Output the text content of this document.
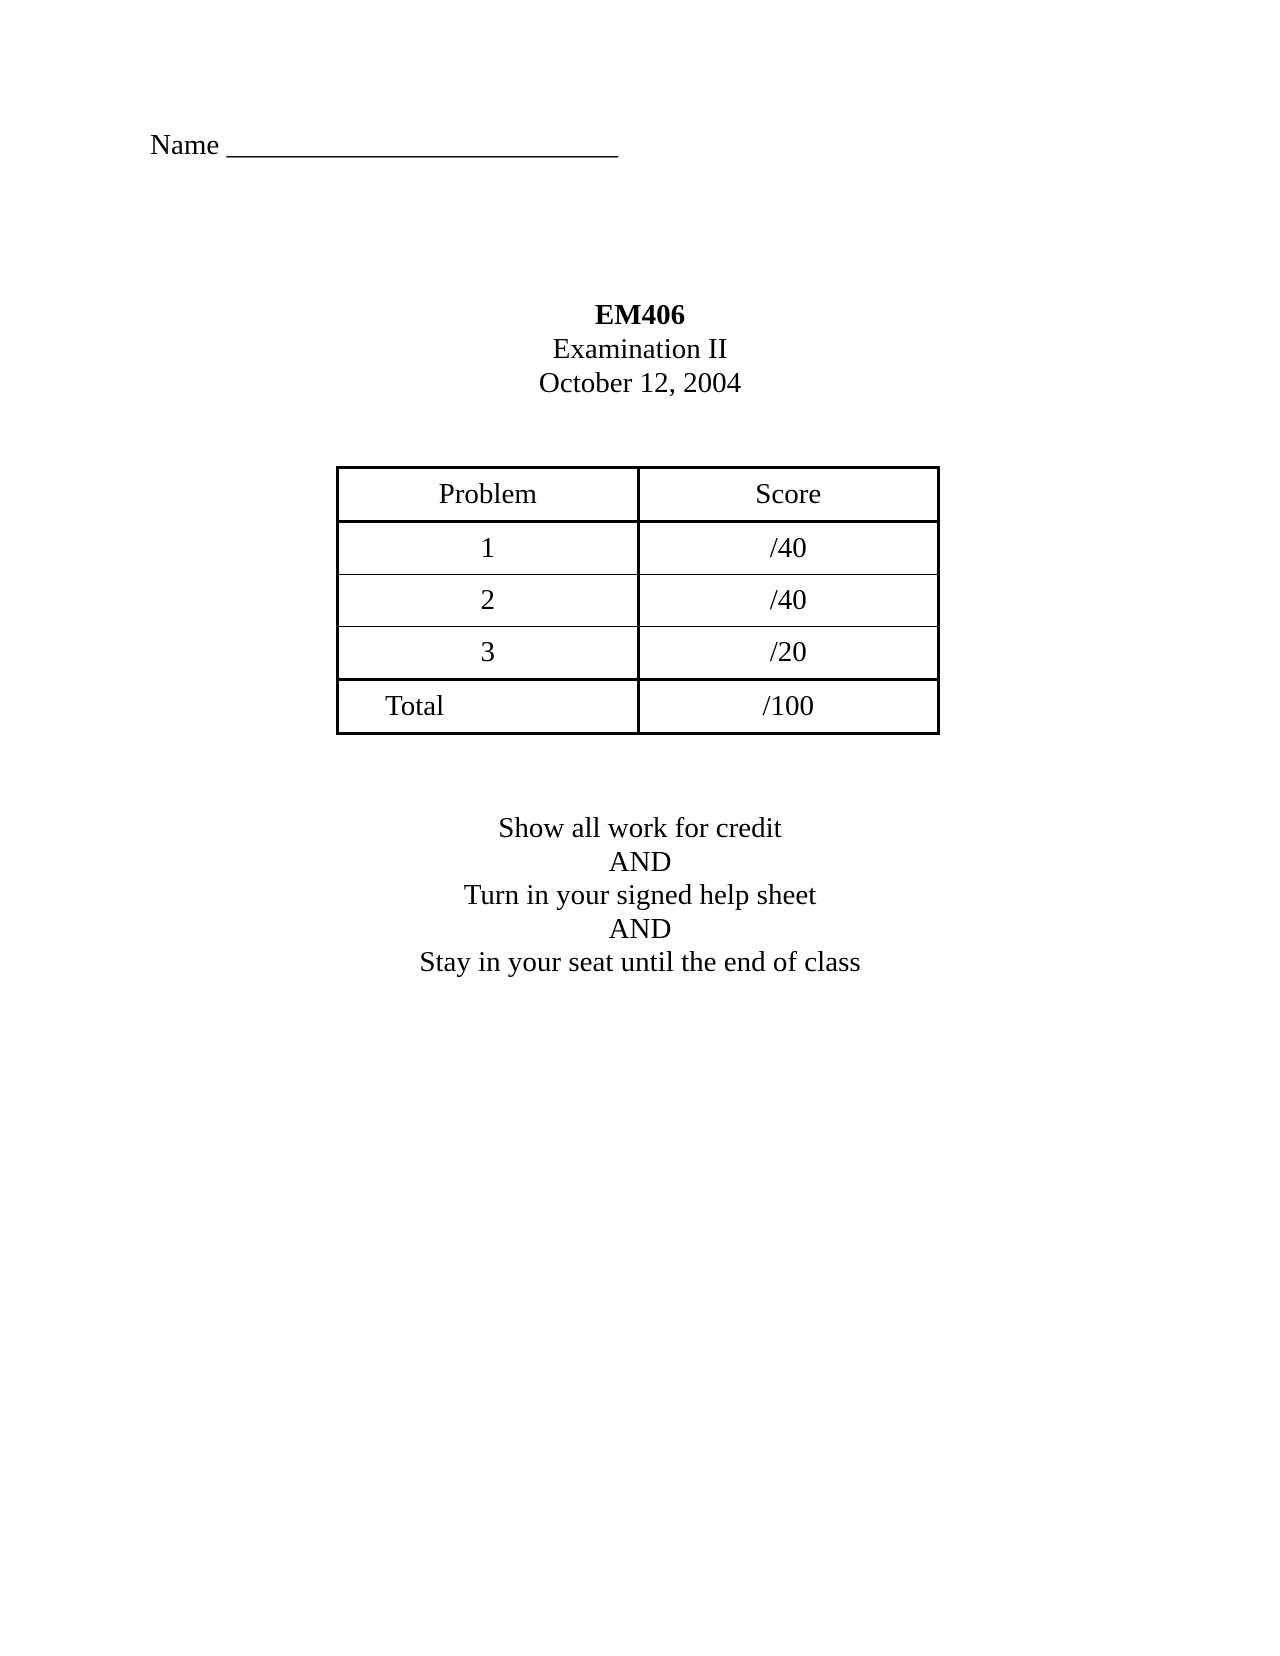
Name ___________________________
EM406
Examination II
October 12, 2004
Problem	Score
1	/40
2	/40
3	/20
Total	/100
Show all work for credit
AND
Turn in your signed help sheet
AND
Stay in your seat until the end of class
